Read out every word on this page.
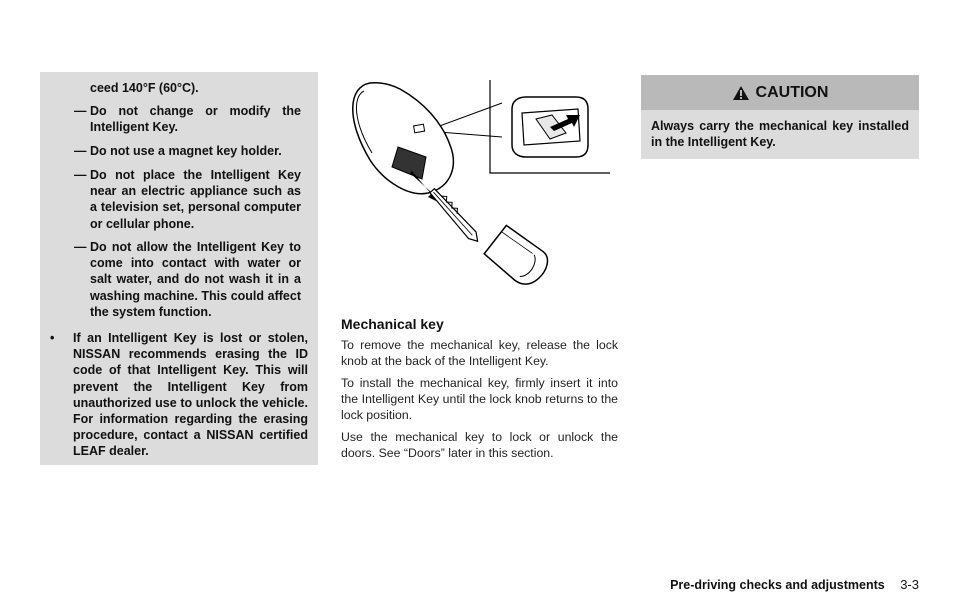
ceed 140°F (60°C).
— Do not change or modify the Intelligent Key.
— Do not use a magnet key holder.
— Do not place the Intelligent Key near an electric appliance such as a television set, personal computer or cellular phone.
— Do not allow the Intelligent Key to come into contact with water or salt water, and do not wash it in a washing machine. This could affect the system function.
• If an Intelligent Key is lost or stolen, NISSAN recommends erasing the ID code of that Intelligent Key. This will prevent the Intelligent Key from unauthorized use to unlock the vehicle. For information regarding the erasing procedure, contact a NISSAN certified LEAF dealer.
Mechanical key
To remove the mechanical key, release the lock knob at the back of the Intelligent Key.
To install the mechanical key, firmly insert it into the Intelligent Key until the lock knob returns to the lock position.
Use the mechanical key to lock or unlock the doors. See “Doors” later in this section.
CAUTION
Always carry the mechanical key installed in the Intelligent Key.
Pre-driving checks and adjustments 3-3
